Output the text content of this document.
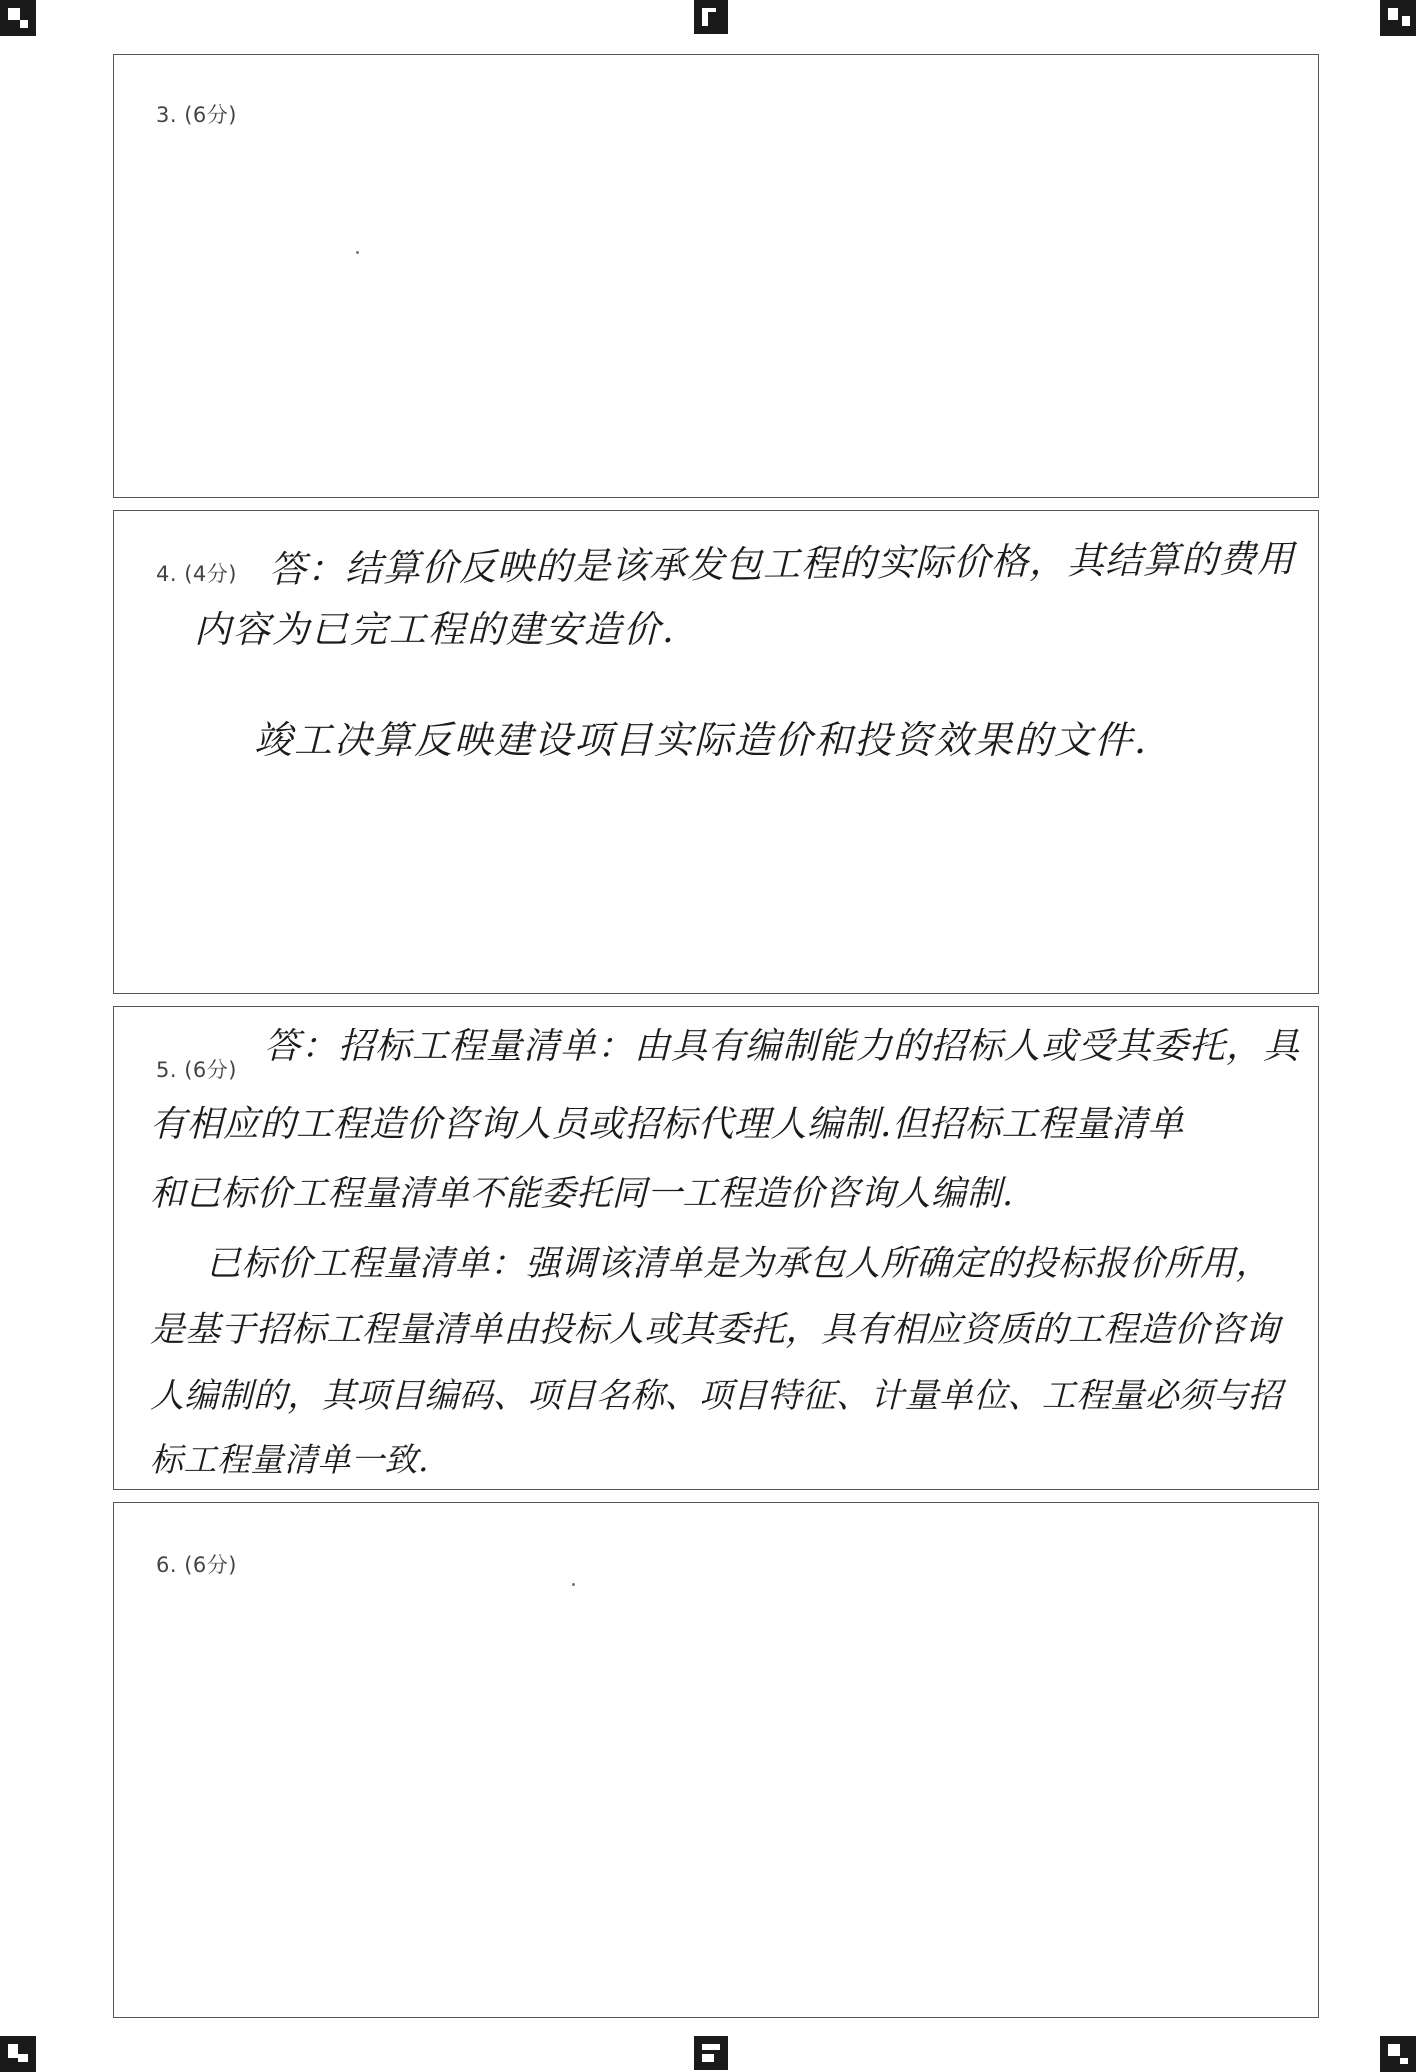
3. (6分)
4. (4分) 答：结算价反映的是该承发包工程的实际价格，其结算的费用
内容为已完工程的建安造价.
竣工决算反映建设项目实际造价和投资效果的文件.
5. (6分)
答：招标工程量清单：由具有编制能力的招标人或受其委托，具
有相应的工程造价咨询人员或招标代理人编制.但招标工程量清单
和已标价工程量清单不能委托同一工程造价咨询人编制.
已标价工程量清单：强调该清单是为承包人所确定的投标报价所用，
是基于招标工程量清单由投标人或其委托，具有相应资质的工程造价咨询
人编制的，其项目编码、项目名称、项目特征、计量单位、工程量必须与招
标工程量清单一致.
6. (6分)
